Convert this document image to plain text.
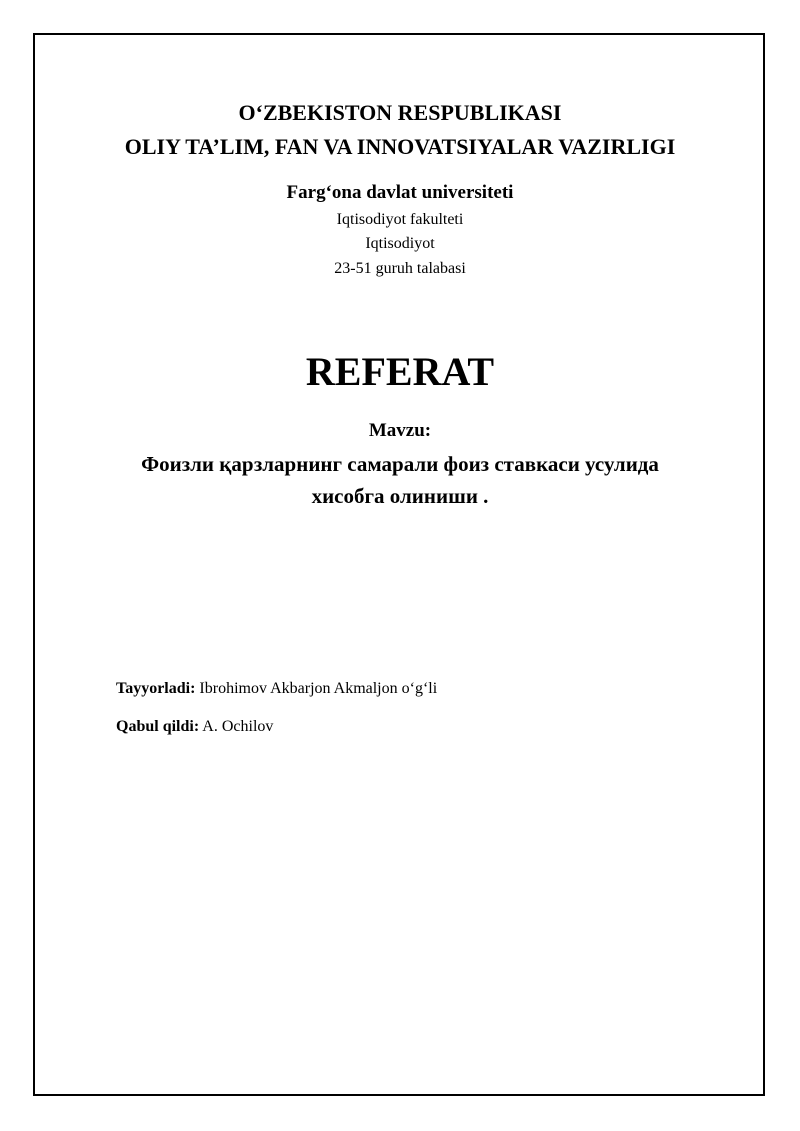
O‘ZBEKISTON RESPUBLIKASI
OLIY TA’LIM, FAN VA INNOVATSIYALAR VAZIRLIGI
Farg‘ona davlat universiteti
Iqtisodiyot fakulteti
Iqtisodiyot
23-51 guruh talabasi
REFERAT
Mavzu:
Фоизли қарзларнинг самарали фоиз ставкаси усулида
хисобга олиниши .
Tayyorladi: Ibrohimov Akbarjon Akmaljon o‘g‘li
Qabul qildi: A. Ochilov
